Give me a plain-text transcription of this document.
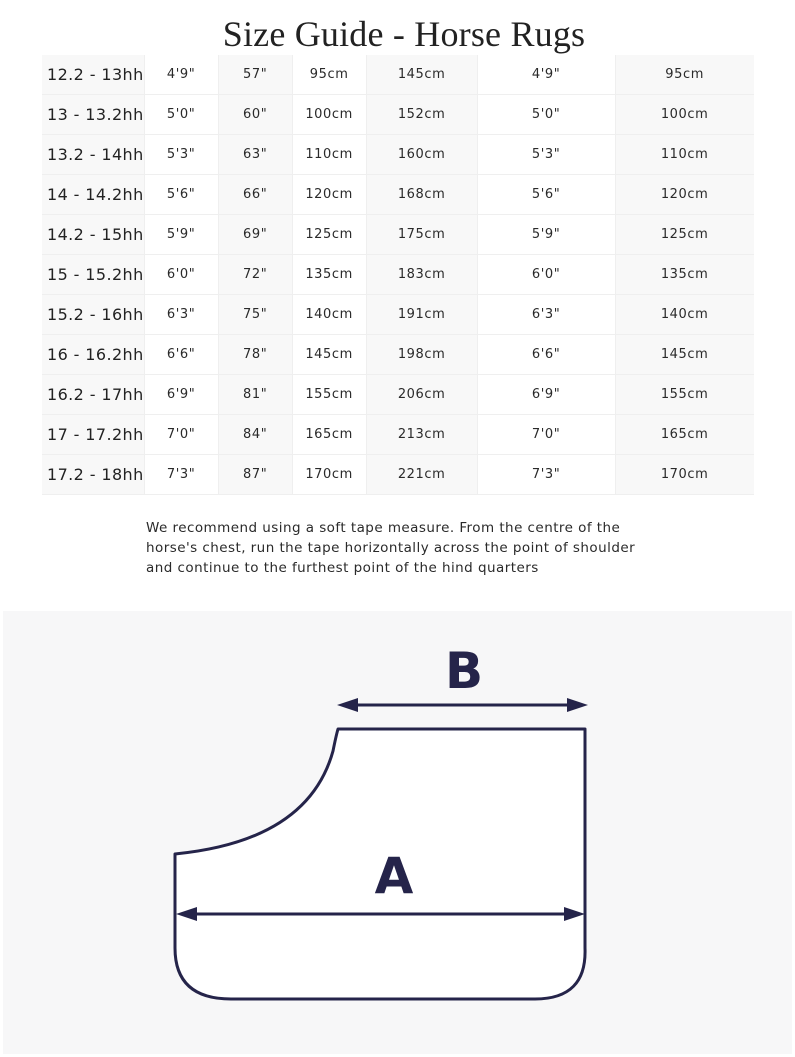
Size Guide - Horse Rugs
12.2 - 13hh	4'9"	57"	95cm	145cm	4'9"	95cm
13 - 13.2hh	5'0"	60"	100cm	152cm	5'0"	100cm
13.2 - 14hh	5'3"	63"	110cm	160cm	5'3"	110cm
14 - 14.2hh	5'6"	66"	120cm	168cm	5'6"	120cm
14.2 - 15hh	5'9"	69"	125cm	175cm	5'9"	125cm
15 - 15.2hh	6'0"	72"	135cm	183cm	6'0"	135cm
15.2 - 16hh	6'3"	75"	140cm	191cm	6'3"	140cm
16 - 16.2hh	6'6"	78"	145cm	198cm	6'6"	145cm
16.2 - 17hh	6'9"	81"	155cm	206cm	6'9"	155cm
17 - 17.2hh	7'0"	84"	165cm	213cm	7'0"	165cm
17.2 - 18hh	7'3"	87"	170cm	221cm	7'3"	170cm

We recommend using a soft tape measure. From the centre of the
horse's chest, run the tape horizontally across the point of shoulder
and continue to the furthest point of the hind quarters

B
A
